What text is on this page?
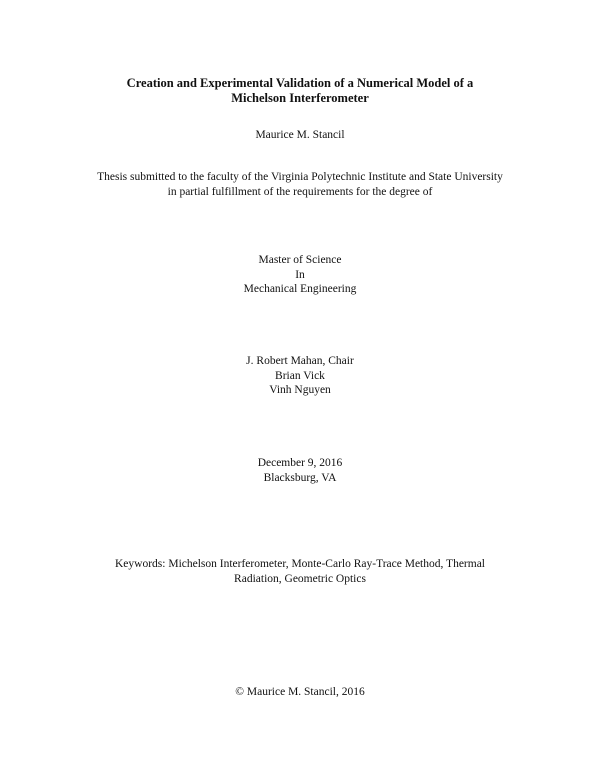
Creation and Experimental Validation of a Numerical Model of a
Michelson Interferometer
Maurice M. Stancil
Thesis submitted to the faculty of the Virginia Polytechnic Institute and State University
in partial fulfillment of the requirements for the degree of
Master of Science
In
Mechanical Engineering
J. Robert Mahan, Chair
Brian Vick
Vinh Nguyen
December 9, 2016
Blacksburg, VA
Keywords: Michelson Interferometer, Monte-Carlo Ray-Trace Method, Thermal
Radiation, Geometric Optics
© Maurice M. Stancil, 2016
